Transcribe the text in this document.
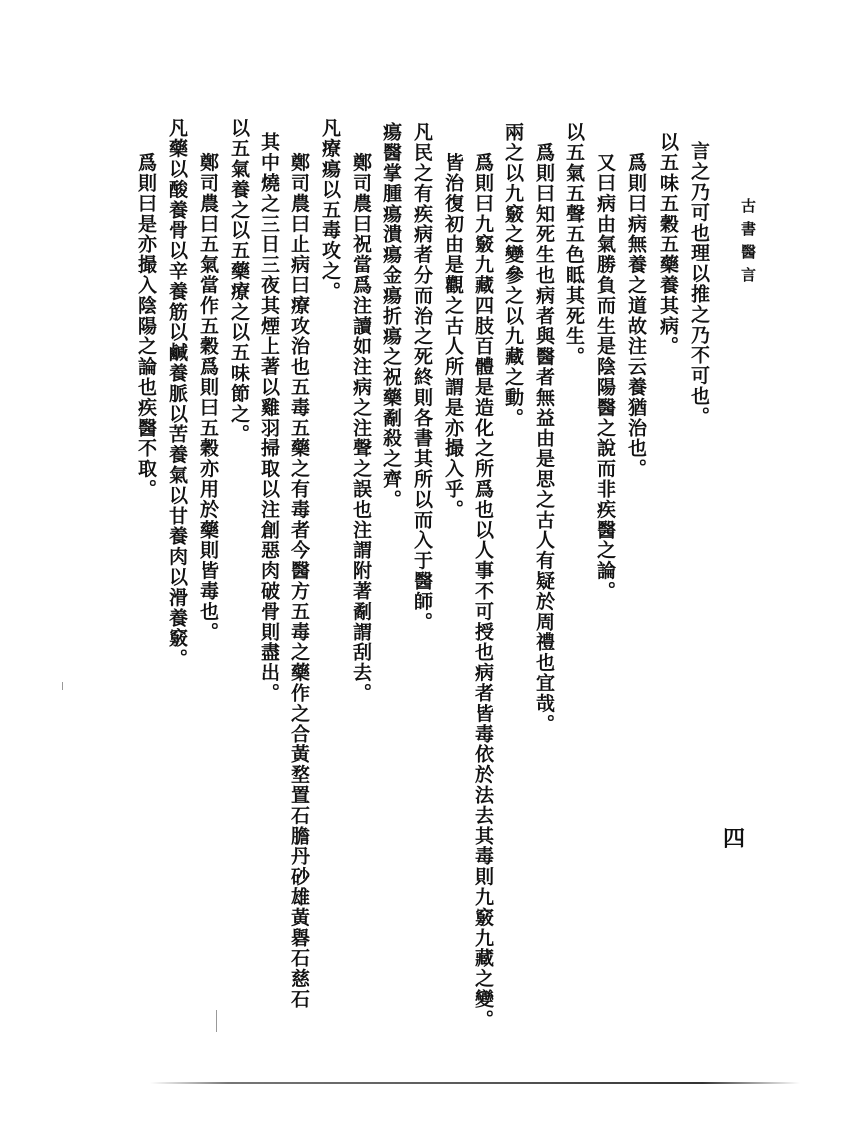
古書醫言
言之乃可也理以推之乃不可也。
以五味五穀五藥養其病。
　爲則曰病無養之道故注云養猶治也。
　又曰病由氣勝負而生是陰陽醫之說而非疾醫之論。
以五氣五聲五色眡其死生。
　爲則曰知死生也病者與醫者無益由是思之古人有疑於周禮也宜哉。
兩之以九竅之變參之以九藏之動。
　爲則曰九竅九藏四肢百體是造化之所爲也以人事不可授也病者皆毒依於法去其毒則九竅九藏之變。
　皆治復初由是觀之古人所謂是亦撮入乎。
凡民之有疾病者分而治之死終則各書其所以而入于醫師。
瘍醫掌腫瘍潰瘍金瘍折瘍之祝藥劀殺之齊。
　鄭司農曰祝當爲注讀如注病之注聲之誤也注謂附著劀謂刮去。
凡療瘍以五毒攻之。
　鄭司農曰止病曰療攻治也五毒五藥之有毒者今醫方五毒之藥作之合黃堥置石膽丹砂雄黃礜石慈石
其中燒之三日三夜其煙上著以雞羽掃取以注創惡肉破骨則盡出。
以五氣養之以五藥療之以五味節之。
　鄭司農曰五氣當作五穀爲則曰五穀亦用於藥則皆毒也。
凡藥以酸養骨以辛養筋以鹹養脈以苦養氣以甘養肉以滑養竅。
　爲則曰是亦撮入陰陽之論也疾醫不取。
四
